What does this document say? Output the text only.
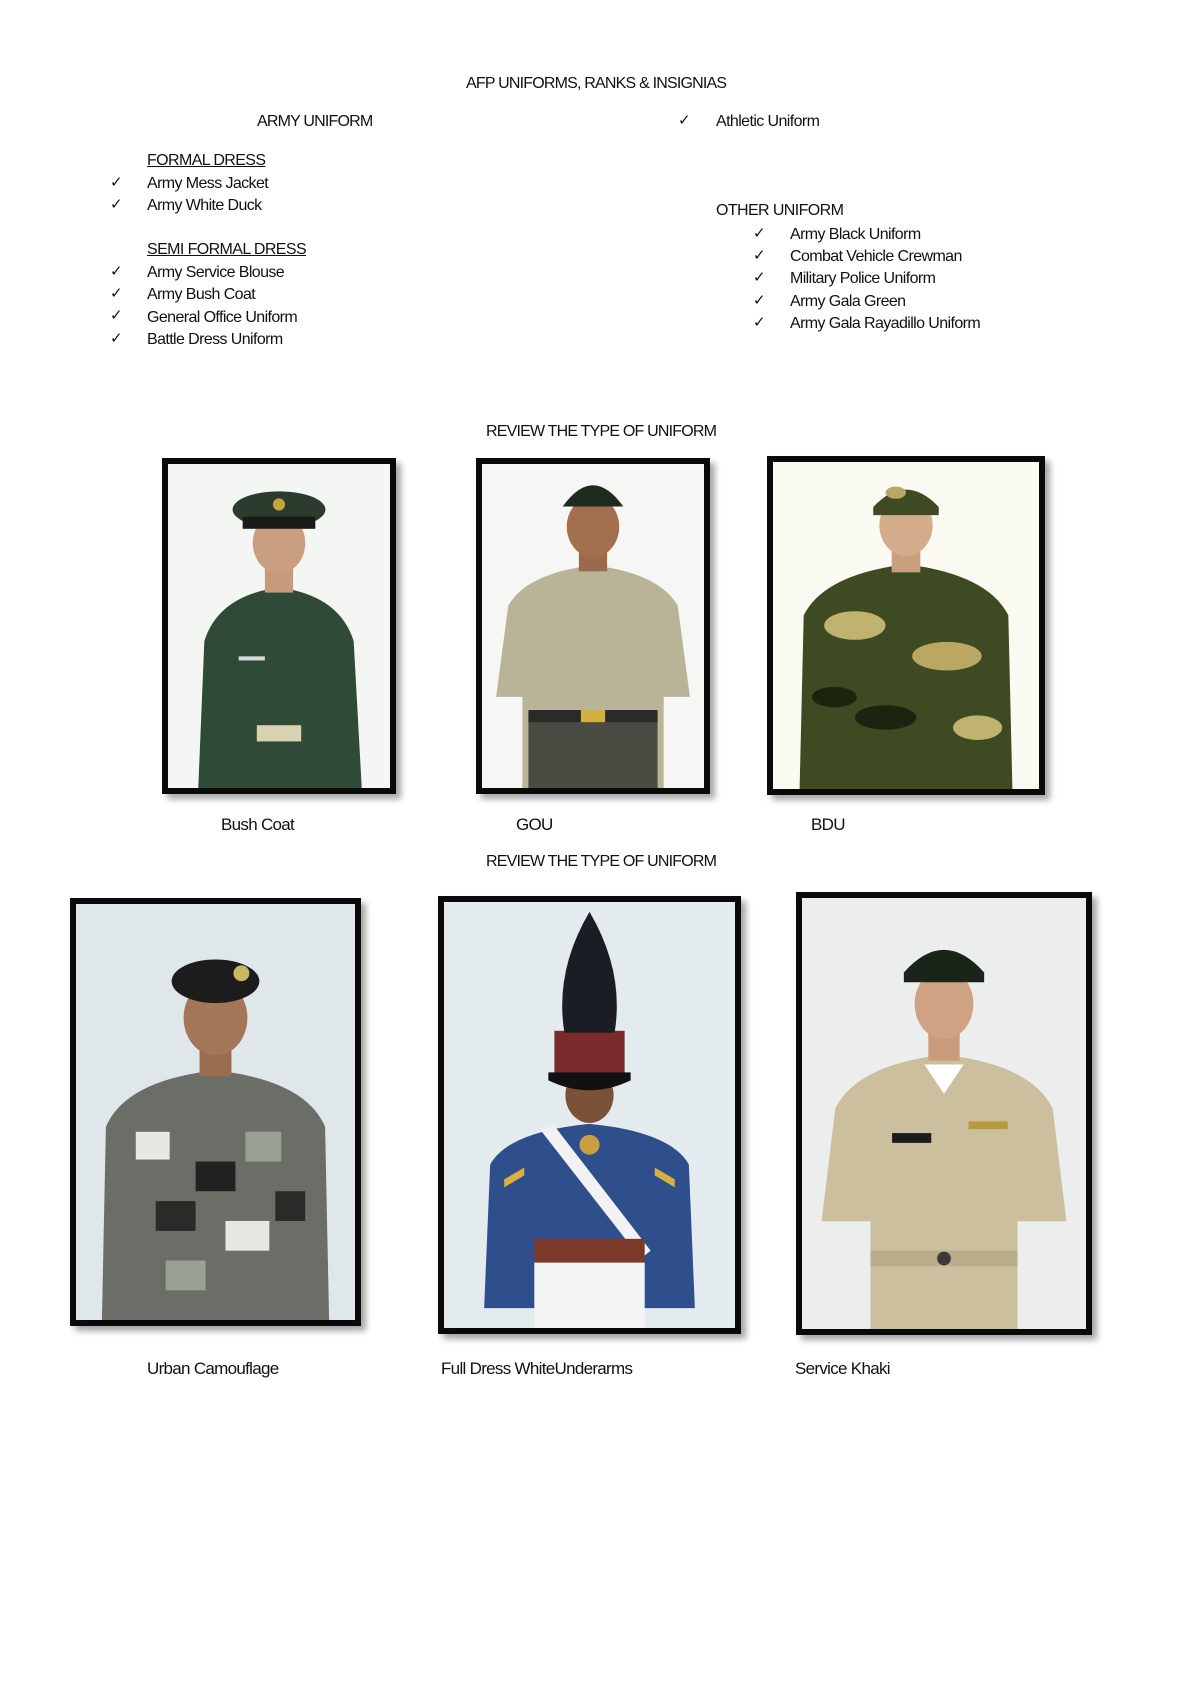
AFP UNIFORMS, RANKS & INSIGNIAS
ARMY UNIFORM
FORMAL DRESS
✓ Army Mess Jacket
✓ Army White Duck
SEMI FORMAL DRESS
✓ Army Service Blouse
✓ Army Bush Coat
✓ General Office Uniform
✓ Battle Dress Uniform
✓ Athletic Uniform
OTHER UNIFORM
✓ Army Black Uniform
✓ Combat Vehicle Crewman
✓ Military Police Uniform
✓ Army Gala Green
✓ Army Gala Rayadillo Uniform
REVIEW THE TYPE OF UNIFORM
Bush Coat	GOU	BDU
REVIEW THE TYPE OF UNIFORM
Urban Camouflage	Full Dress WhiteUnderarms	Service Khaki
